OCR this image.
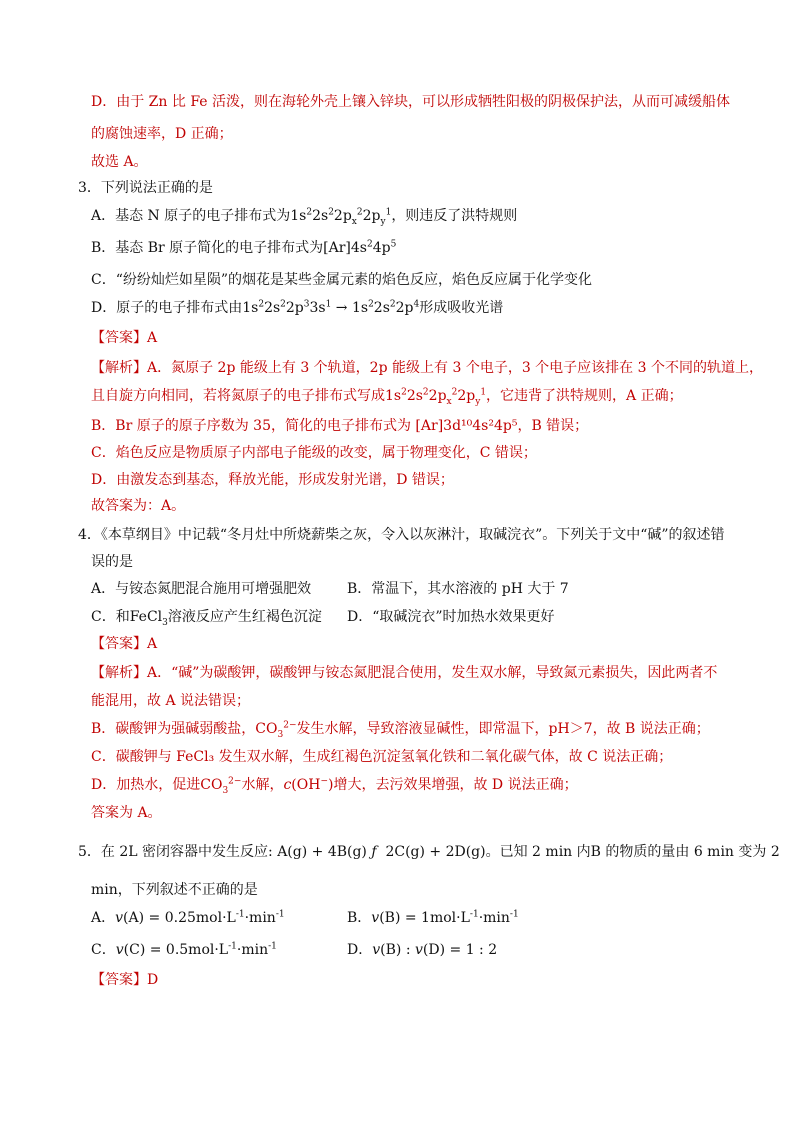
D．由于 Zn 比 Fe 活泼，则在海轮外壳上镶入锌块，可以形成牺牲阳极的阴极保护法，从而可减缓船体
的腐蚀速率，D 正确；
故选 A。
3．下列说法正确的是
A．基态 N 原子的电子排布式为$1s^22s^22p_x^22p_y^1$，则违反了洪特规则
B．基态 Br 原子简化的电子排布式为$[Ar]4s^24p^5$
C．“纷纷灿烂如星陨”的烟花是某些金属元素的焰色反应，焰色反应属于化学变化
D．原子的电子排布式由$1s^22s^22p^33s^1 \to 1s^22s^22p^4$形成吸收光谱
【答案】A
【解析】A．氮原子 2p 能级上有 3 个轨道，2p 能级上有 3 个电子，3 个电子应该排在 3 个不同的轨道上，
且自旋方向相同，若将氮原子的电子排布式写成$1s^22s^22p_x^22p_y^1$，它违背了洪特规则，A 正确；
B．Br 原子的原子序数为 35，简化的电子排布式为 [Ar]3d¹⁰4s²4p⁵，B 错误；
C．焰色反应是物质原子内部电子能级的改变，属于物理变化，C 错误；
D．由激发态到基态，释放光能，形成发射光谱，D 错误；
故答案为：A。
4．《本草纲目》中记载“冬月灶中所烧薪柴之灰，令入以灰淋汁，取碱浣衣”。下列关于文中“碱”的叙述错
误的是
A．与铵态氮肥混合施用可增强肥效	B．常温下，其水溶液的 pH 大于 7
C．和FeCl$_3$溶液反应产生红褐色沉淀 D．“取碱浣衣”时加热水效果更好
【答案】A
【解析】A．“碱”为碳酸钾，碳酸钾与铵态氮肥混合使用，发生双水解，导致氮元素损失，因此两者不
能混用，故 A 说法错误；
B．碳酸钾为强碱弱酸盐，$CO_3^{2-}$发生水解，导致溶液显碱性，即常温下，pH＞7，故 B 说法正确；
C．碳酸钾与 FeCl₃ 发生双水解，生成红褐色沉淀氢氧化铁和二氧化碳气体，故 C 说法正确；
D．加热水，促进$CO_3^{2-}$水解，c(OH−)增大，去污效果增强，故 D 说法正确；
答案为 A。
5．在 2L 密闭容器中发生反应: A(g) + 4B(g) ƒ  2C(g) + 2D(g)。已知 2 min 内B 的物质的量由 6 min 变为 2
min，下列叙述不正确的是
A．$v(A) = 0.25mol\cdot L^{-1}\cdot\min^{-1}$	B．$v(B) = 1mol\cdot L^{-1}\cdot\min^{-1}$
C．$v(C) = 0.5mol\cdot L^{-1}\cdot\min^{-1}$	D．v(B) : v(D) = 1 : 2
【答案】D
